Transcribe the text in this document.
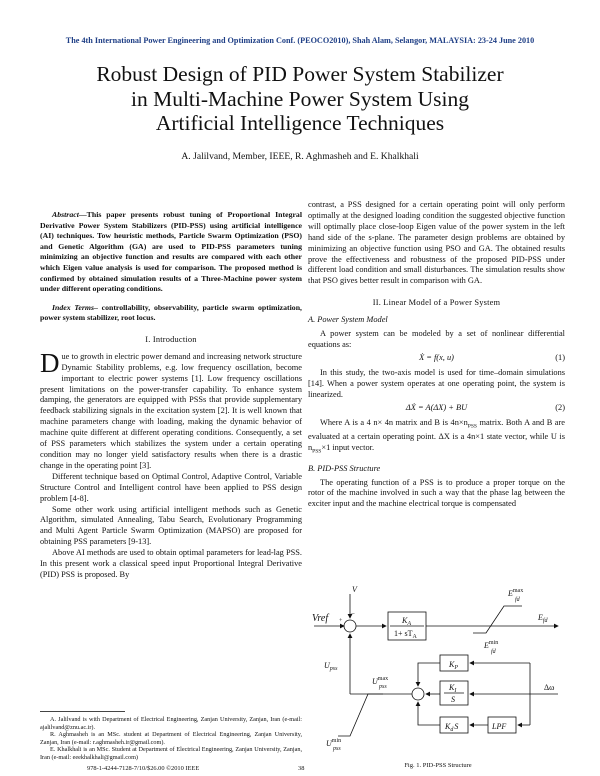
The 4th International Power Engineering and Optimization Conf. (PEOCO2010), Shah Alam, Selangor, MALAYSIA: 23-24 June 2010
Robust Design of PID Power System Stabilizer
in Multi-Machine Power System Using
Artificial Intelligence Techniques
A. Jalilvand, Member, IEEE, R. Aghmasheh and E. Khalkhali

Abstract—This paper presents robust tuning of Proportional Integral Derivative Power System Stabilizers (PID-PSS) using artificial intelligence (AI) techniques. Tow heuristic methods, Particle Swarm Optimization (PSO) and Genetic Algorithm (GA) are used to PID-PSS parameters tuning minimizing an objective function and results are compared with each other which Eigen value analysis is used for comparison. The proposed method is confirmed by obtained simulation results of a Three-Machine power system under different operating conditions.

Index Terms– controllability, observability, particle swarm optimization, power system stabilizer, root locus.

I. Introduction

Due to growth in electric power demand and increasing network structure Dynamic Stability problems, e.g. low frequency oscillation, become important to electric power systems [1]. Low frequency oscillations present limitations on the power-transfer capability. To enhance system damping, the generators are equipped with PSSs that provide supplementary feedback stabilizing signals in the excitation system [2]. It is well known that machine parameters change with loading, making the dynamic behavior of machine quite different at different operating conditions. Consequently, a set of PSS parameters which stabilizes the system under a certain operating condition may no longer yield satisfactory results when there is a drastic change in the operating point [3].

Different technique based on Optimal Control, Adaptive Control, Variable Structure Control and Intelligent control have been applied to PSS design problem [4-8].

Some other work using artificial intelligent methods such as Genetic Algorithm, simulated Annealing, Tabu Search, Evolutionary Programming and Multi Agent Particle Swarm Optimization (MAPSO) are proposed for obtaining PSS parameters [9-13].

Above AI methods are used to obtain optimal parameters for lead-lag PSS. In this present work a classical speed input Proportional Integral Derivative (PID) PSS is proposed. By

A. Jalilvand is with Department of Electrical Engineering, Zanjan University, Zanjan, Iran (e-mail: ajalilvand@znu.ac.ir).

R. Aghmasheh is an MSc. student at Department of Electrical Engineering, Zanjan University, Zanjan, Iran (e-mail: r.aghmasheh.ir@gmail.com).

E. Khalkhali is an MSc. Student at Department of Electrical Engineering, Zanjan University, Zanjan, Iran (e-mail: eeekhalkhali@gmail.com)

contrast, a PSS designed for a certain operating point will only perform optimally at the designed loading condition the suggested objective function will optimally place close-loop Eigen value of the power system in the left hand side of the s-plane. The parameter design problems are obtained by minimizing an objective function using PSO and GA. The obtained results prove the effectiveness and robustness of the proposed PID-PSS under different load condition and small disturbances. The simulation results show that PSO gives better result in comparison with GA.

II. Linear Model of a Power System
A. Power System Model

A power system can be modeled by a set of nonlinear differential equations as:

Ẋ = f(x, u)	(1)

In this study, the two-axis model is used for time–domain simulations [14]. When a power system operates at one operating point, the system is linearized.

ΔẊ = A(ΔX) + BU	(2)

Where A is a 4 n× 4n matrix and B is $4n\times n_{PSS}$ matrix. Both A and B are evaluated at a certain operating point. ΔX is a 4n×1 state vector, while U is $n_{PSS}\times 1$ input vector.

B. PID-PSS Structure

The operating function of a PSS is to produce a proper torque on the rotor of the machine involved in such a way that the phase lag between the exciter input and the machine electrical torque is compensated

V
Vref +
−
$K_A$
$1+ sT_A$
$E^{max}$ fd
$E_{fd}$
$E^{min}$ fd
$U^{max}$ pss
$U_{pss}$
$U^{min}$ pss
$K_P$
$K_I$
S
$K_dS$	LPF
Δω
Fig. 1. PID-PSS Structure
978-1-4244-7128-7/10/$26.00 ©2010 IEEE	38
